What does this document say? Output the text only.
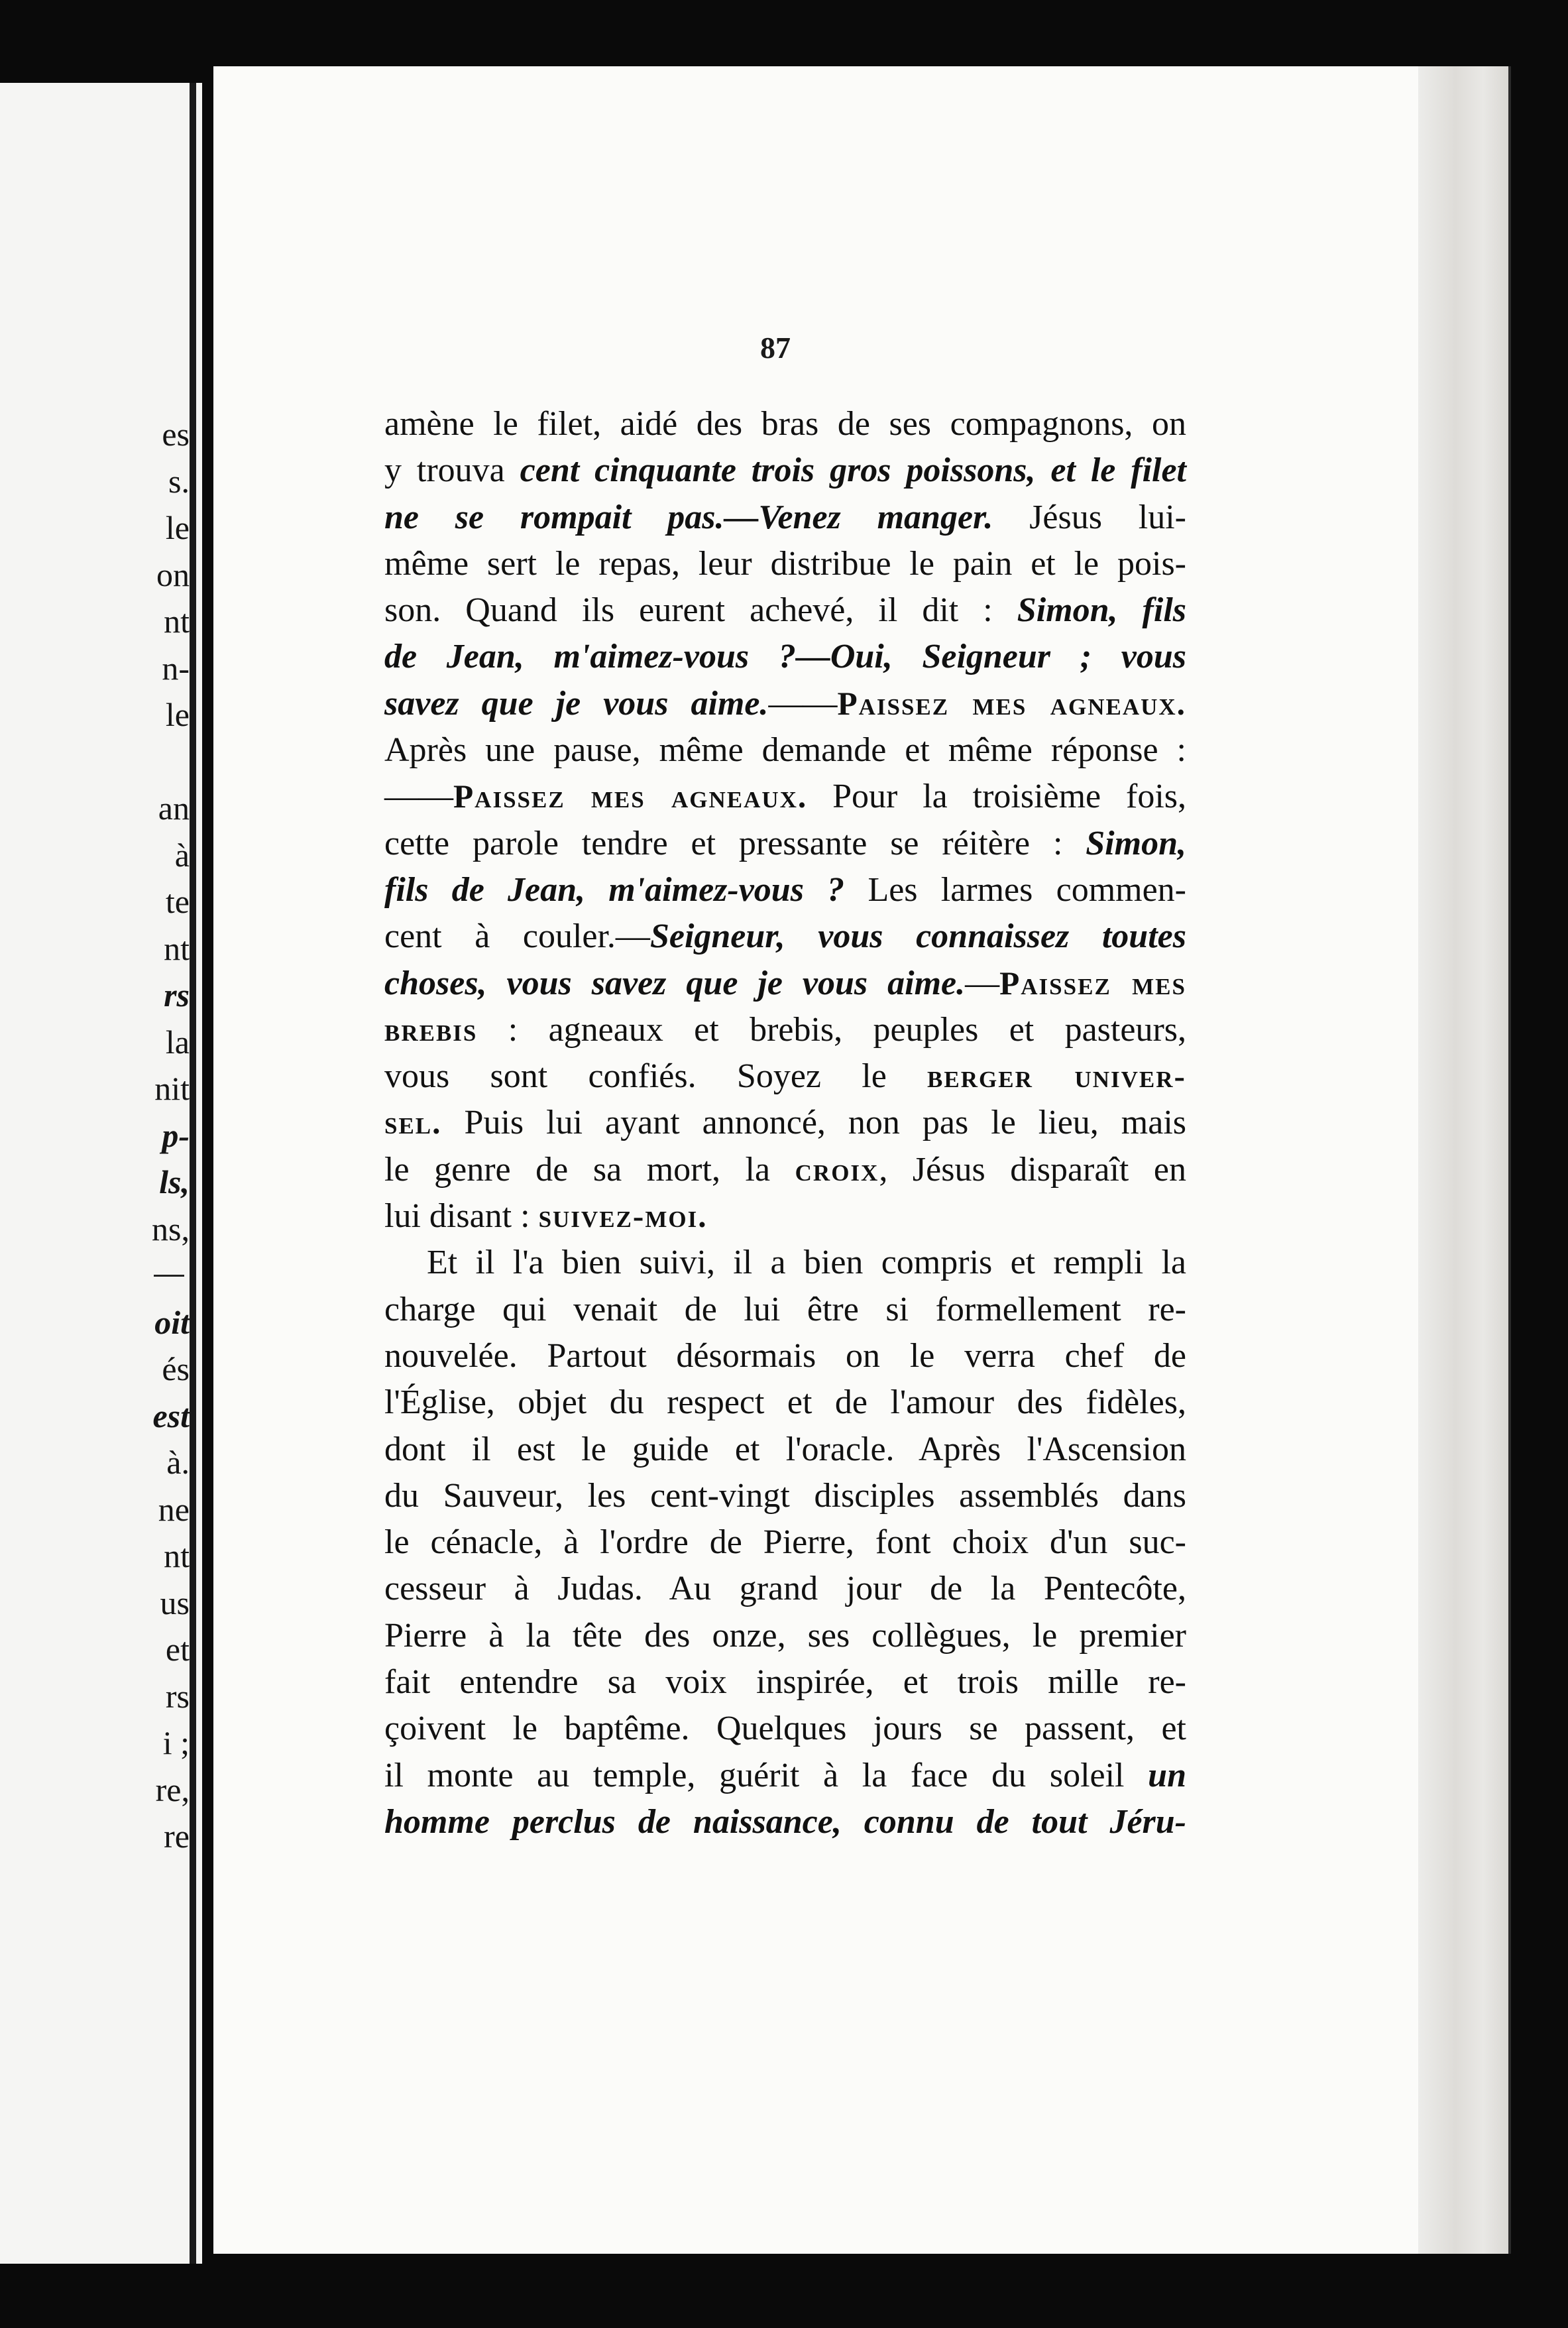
es
s.
le
on
nt
n-
le
an
à
te
nt
rs
la
nit
p-
ls,
ns,
oit
és
est
à.
ne
nt
us
et
rs
i ;
re,
re
87
amène le filet, aidé des bras de ses compagnons, on
y trouva cent cinquante trois gros poissons, et le filet
ne se rompait pas.—Venez manger. Jésus lui-
même sert le repas, leur distribue le pain et le pois-
son. Quand ils eurent achevé, il dit : Simon, fils
de Jean, m'aimez-vous ?—Oui, Seigneur ; vous
savez que je vous aime.——Paissez mes agneaux.
Après une pause, même demande et même réponse :
——Paissez mes agneaux. Pour la troisième fois,
cette parole tendre et pressante se réitère : Simon,
fils de Jean, m'aimez-vous ? Les larmes commen-
cent à couler.—Seigneur, vous connaissez toutes
choses, vous savez que je vous aime.—Paissez mes
brebis : agneaux et brebis, peuples et pasteurs,
vous sont confiés. Soyez le berger univer-
sel. Puis lui ayant annoncé, non pas le lieu, mais
le genre de sa mort, la croix, Jésus disparaît en
lui disant : suivez-moi.
Et il l'a bien suivi, il a bien compris et rempli la
charge qui venait de lui être si formellement re-
nouvelée. Partout désormais on le verra chef de
l'Église, objet du respect et de l'amour des fidèles,
dont il est le guide et l'oracle. Après l'Ascension
du Sauveur, les cent-vingt disciples assemblés dans
le cénacle, à l'ordre de Pierre, font choix d'un suc-
cesseur à Judas. Au grand jour de la Pentecôte,
Pierre à la tête des onze, ses collègues, le premier
fait entendre sa voix inspirée, et trois mille re-
çoivent le baptême. Quelques jours se passent, et
il monte au temple, guérit à la face du soleil un
homme perclus de naissance, connu de tout Jéru-
